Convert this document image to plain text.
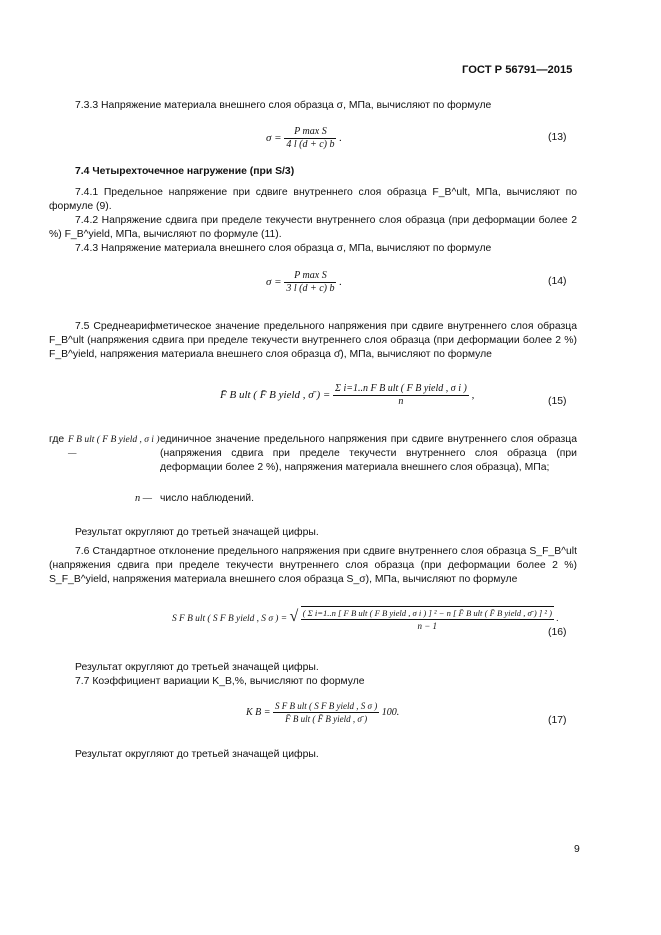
ГОСТ Р 56791—2015
7.3.3 Напряжение материала внешнего слоя образца σ, МПа, вычисляют по формуле
$\sigma = \frac{\text{P max S}}{4 l (d + c) b}$ .	(13)
7.4 Четырехточечное нагружение (при S/3)
7.4.1 Предельное напряжение при сдвиге внутреннего слоя образца F_B^ult, МПа, вычисляют по формуле (9).
7.4.2 Напряжение сдвига при пределе текучести внутреннего слоя образца (при деформации более 2 %) F_B^yield, МПа, вычисляют по формуле (11).
7.4.3 Напряжение материала внешнего слоя образца σ, МПа, вычисляют по формуле
$\sigma = \frac{\text{P max S}}{3 l (d + c) b}$ .	(14)
7.5 Среднеарифметическое значение предельного напряжения при сдвиге внутреннего слоя образца F_B^ult (напряжения сдвига при пределе текучести внутреннего слоя образца (при деформации более 2 %) F_B^yield, напряжения материала внешнего слоя образца σ̄), МПа, вычисляют по формуле
F̄ B ult ( F̄ B yield , σ̄ ) = $\frac{\text{Σ i=1..n F B ult ( F B yield , σ i )}}{n}$ ,
(15)
где F B ult ( F B yield , σ i ) —
единичное значение предельного напряжения при сдвиге внутреннего слоя образца (напряжения сдвига при пределе текучести внутреннего слоя образца (при деформации более 2 %), напряжения материала внешнего слоя образца), МПа;
n — число наблюдений.
Результат округляют до третьей значащей цифры.
7.6 Стандартное отклонение предельного напряжения при сдвиге внутреннего слоя образца S_F_B^ult (напряжения сдвига при пределе текучести внутреннего слоя образца (при деформации более 2 %) S_F_B^yield, напряжения материала внешнего слоя образца S_σ), МПа, вычисляют по формуле
S F B ult ( S F B yield , S σ ) = √ ( Σ i=1..n [ F B ult ( F B yield , σ i ) ] ² − n [ F̄ B ult ( F̄ B yield , σ̄ ) ] ² )
n − 1
.
(16)
Результат округляют до третьей значащей цифры.
7.7 Коэффициент вариации K_B,%, вычисляют по формуле
K $B = \frac{\text{S F B ult ( S F B yield , S σ )}}{\text{F̄ B ult ( F̄ B yield , σ̄ )}} 100$.
(17)
Результат округляют до третьей значащей цифры.
9
